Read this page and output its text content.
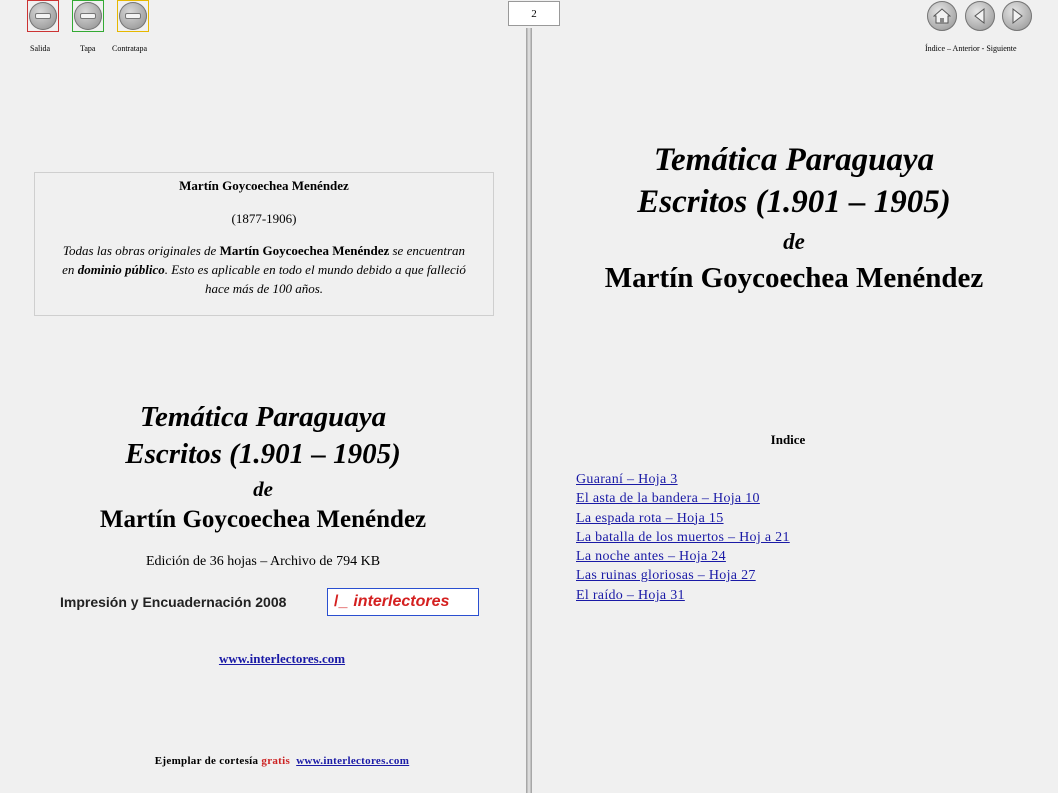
Salida	Tapa Contratapa
2
Índice – Anterior - Siguiente
Martín Goycoechea Menéndez
(1877-1906)
Todas las obras originales de Martín Goycoechea Menéndez se encuentran en dominio público. Esto es aplicable en todo el mundo debido a que falleció hace más de 100 años.
Temática Paraguaya
Escritos (1.901 – 1905)
de
Martín Goycoechea Menéndez
Edición de 36 hojas – Archivo de 794 KB
Impresión y Encuadernación 2008	/_ interlectores
www.interlectores.com
Ejemplar de cortesía gratis www.interlectores.com
Temática Paraguaya
Escritos (1.901 – 1905)
de
Martín Goycoechea Menéndez
Indice
Guaraní – Hoja 3
El asta de la bandera – Hoja 10
La espada rota – Hoja 15
La batalla de los muertos – Hoj a 21
La noche antes – Hoja 24
Las ruinas gloriosas – Hoja 27
El raído – Hoja 31
